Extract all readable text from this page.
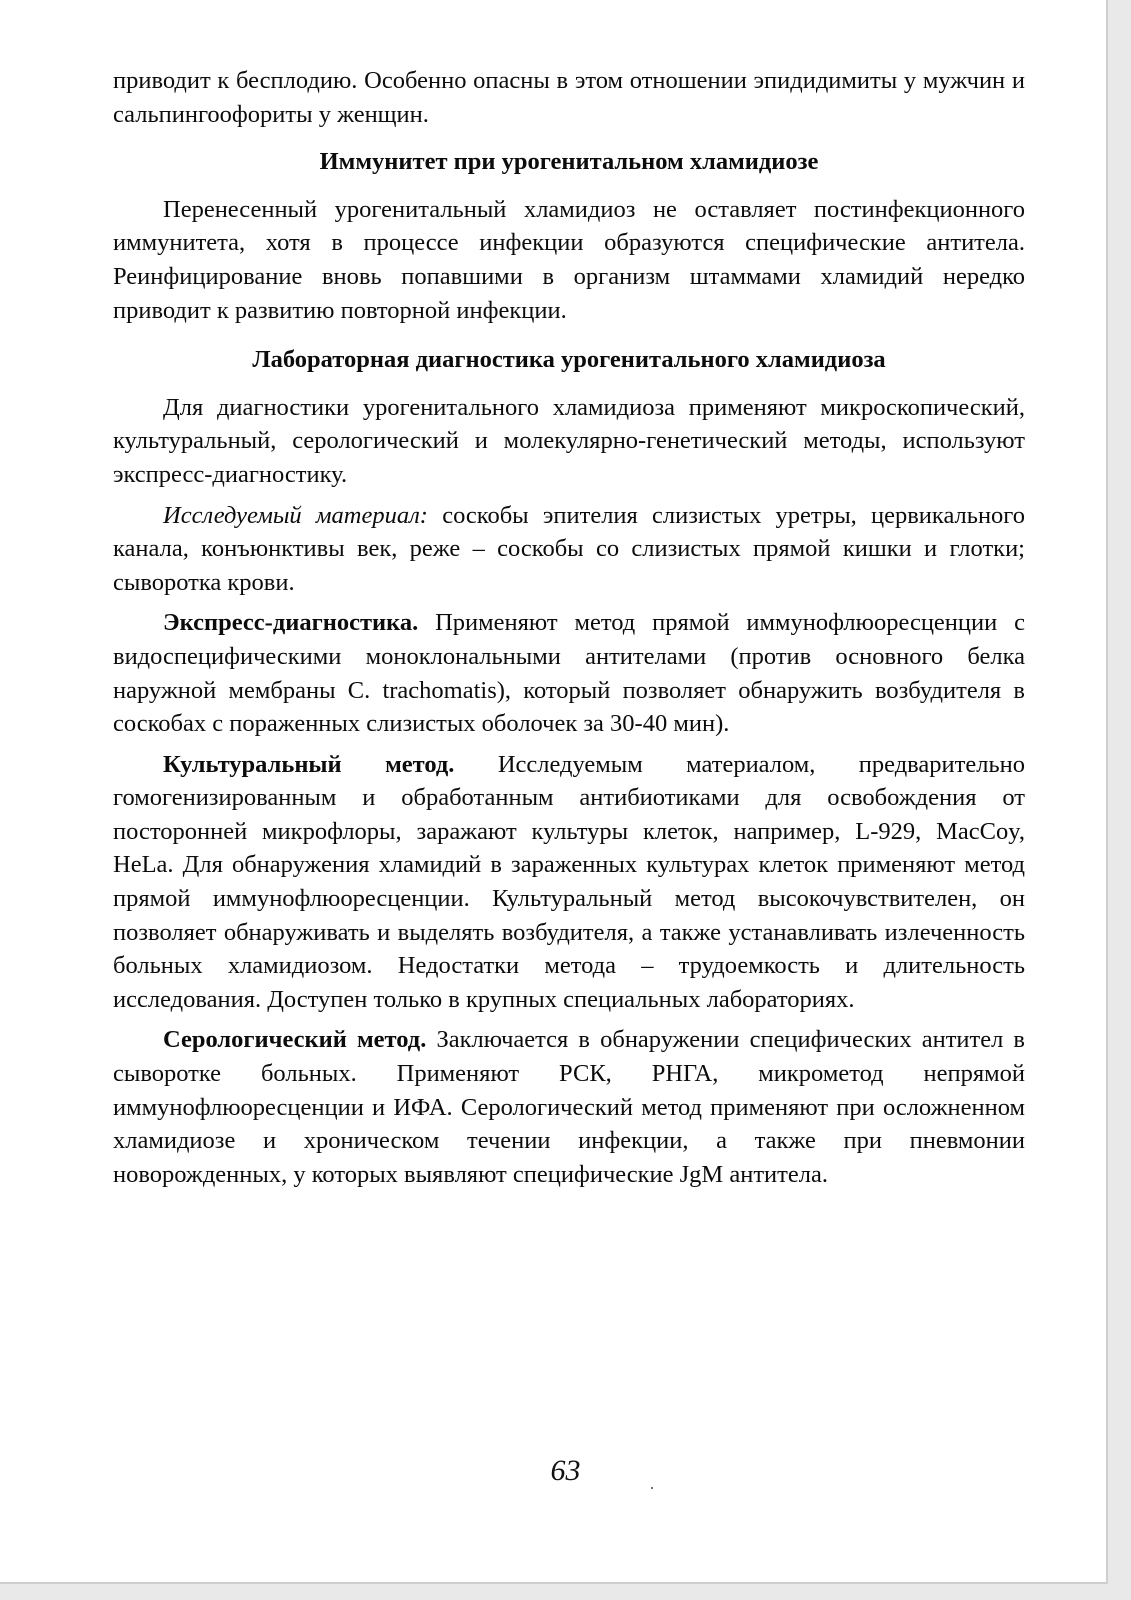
приводит к бесплодию. Особенно опасны в этом отношении эпидидимиты у мужчин и сальпингоофориты у женщин.

Иммунитет при урогенитальном хламидиозе

Перенесенный урогенитальный хламидиоз не оставляет постинфекционного иммунитета, хотя в процессе инфекции образуются специфические антитела. Реинфицирование вновь попавшими в организм штаммами хламидий нередко приводит к развитию повторной инфекции.

Лабораторная диагностика урогенитального хламидиоза

Для диагностики урогенитального хламидиоза применяют микроскопический, культуральный, серологический и молекулярно-генетический методы, используют экспресс-диагностику.

Исследуемый материал: соскобы эпителия слизистых уретры, цервикального канала, конъюнктивы век, реже – соскобы со слизистых прямой кишки и глотки; сыворотка крови.

Экспресс-диагностика. Применяют метод прямой иммунофлюоресценции с видоспецифическими моноклональными антителами (против основного белка наружной мембраны C. trachomatis), который позволяет обнаружить возбудителя в соскобах с пораженных слизистых оболочек за 30-40 мин).

Культуральный метод. Исследуемым материалом, предварительно гомогенизированным и обработанным антибиотиками для освобождения от посторонней микрофлоры, заражают культуры клеток, например, L-929, MacCoy, HeLa. Для обнаружения хламидий в зараженных культурах клеток применяют метод прямой иммунофлюоресценции. Культуральный метод высокочувствителен, он позволяет обнаруживать и выделять возбудителя, а также устанавливать излеченность больных хламидиозом. Недостатки метода – трудоемкость и длительность исследования. Доступен только в крупных специальных лабораториях.

Серологический метод. Заключается в обнаружении специфических антител в сыворотке больных. Применяют РСК, РНГА, микрометод непрямой иммунофлюоресценции и ИФА. Серологический метод применяют при осложненном хламидиозе и хроническом течении инфекции, а также при пневмонии новорожденных, у которых выявляют специфические JgM антитела.

63
